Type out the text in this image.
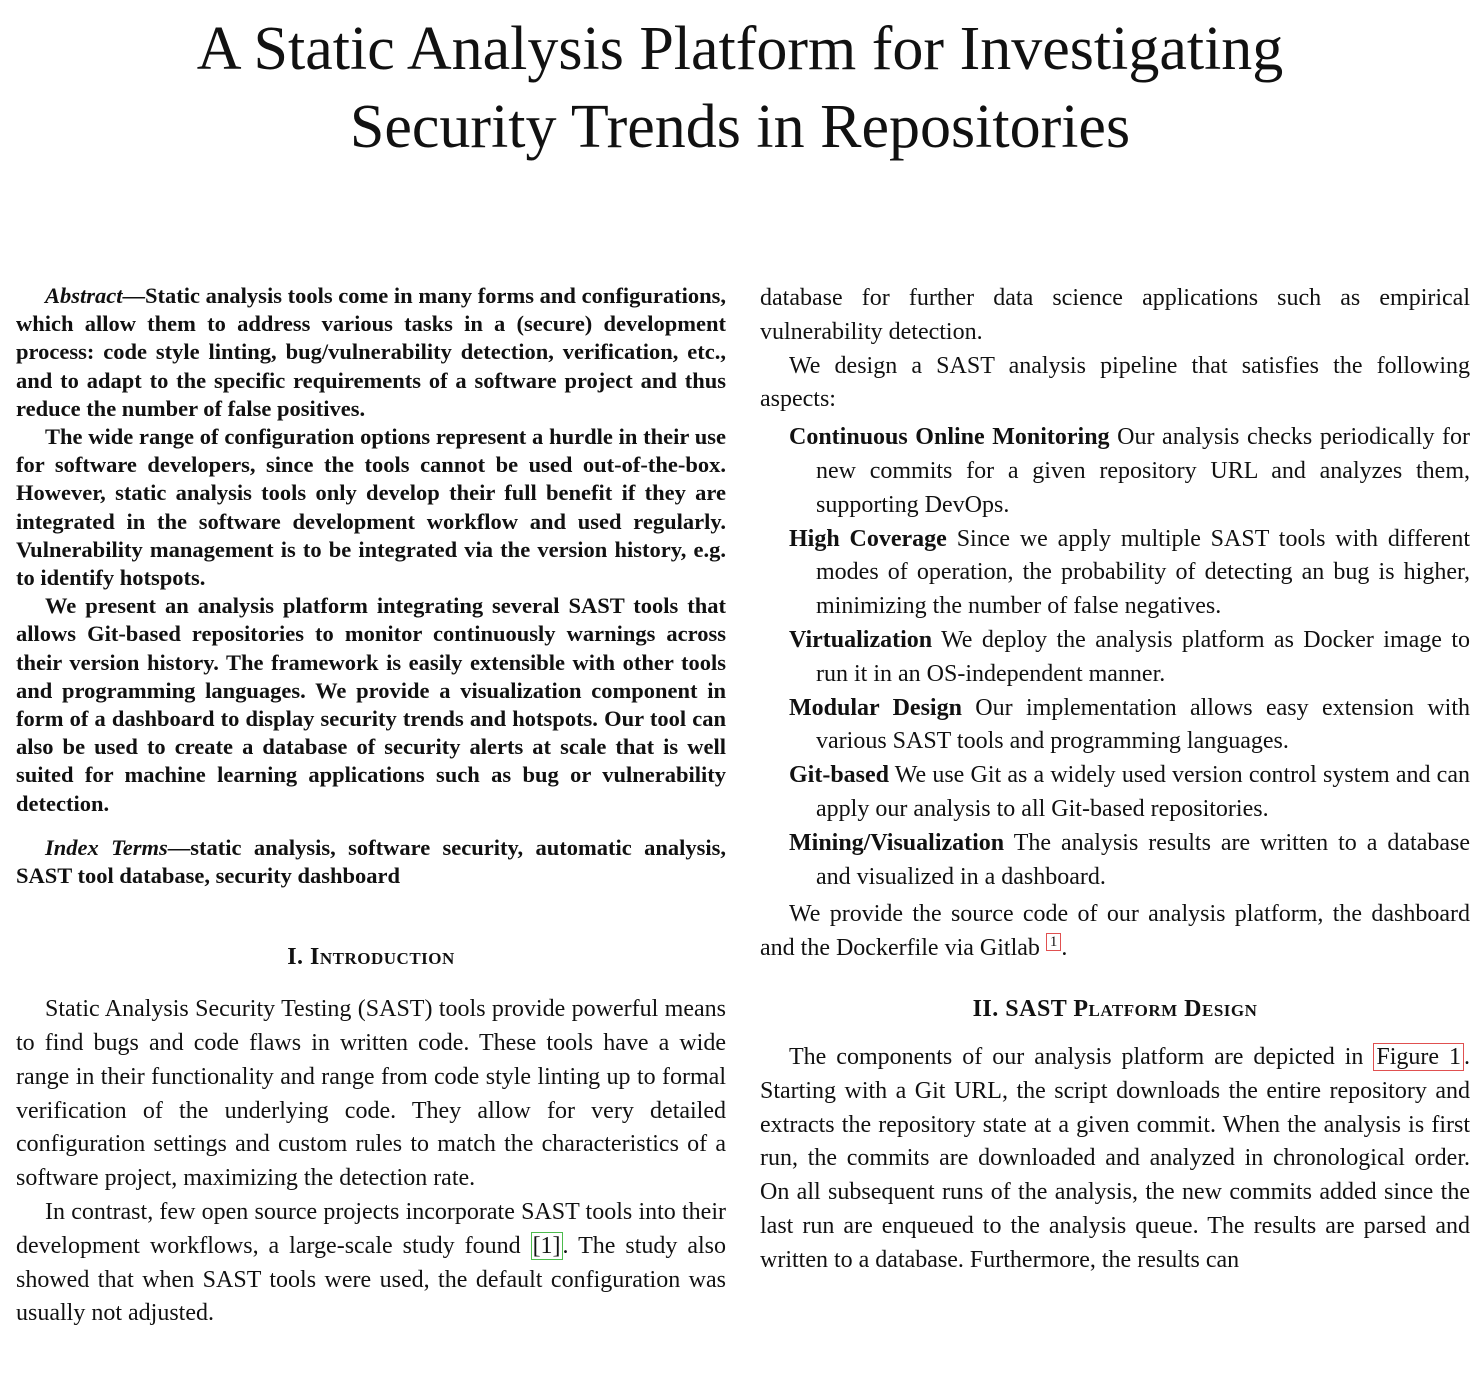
A Static Analysis Platform for Investigating
Security Trends in Repositories

Abstract—Static analysis tools come in many forms and configurations, which allow them to address various tasks in a (secure) development process: code style linting, bug/vulnerability detection, verification, etc., and to adapt to the specific requirements of a software project and thus reduce the number of false positives.

The wide range of configuration options represent a hurdle in their use for software developers, since the tools cannot be used out-of-the-box. However, static analysis tools only develop their full benefit if they are integrated in the software development workflow and used regularly. Vulnerability management is to be integrated via the version history, e.g. to identify hotspots.

We present an analysis platform integrating several SAST tools that allows Git-based repositories to monitor continuously warnings across their version history. The framework is easily extensible with other tools and programming languages. We provide a visualization component in form of a dashboard to display security trends and hotspots. Our tool can also be used to create a database of security alerts at scale that is well suited for machine learning applications such as bug or vulnerability detection.

Index Terms—static analysis, software security, automatic analysis, SAST tool database, security dashboard

I. Introduction

Static Analysis Security Testing (SAST) tools provide powerful means to find bugs and code flaws in written code. These tools have a wide range in their functionality and range from code style linting up to formal verification of the underlying code. They allow for very detailed configuration settings and custom rules to match the characteristics of a software project, maximizing the detection rate.

In contrast, few open source projects incorporate SAST tools into their development workflows, a large-scale study found [1]. The study also showed that when SAST tools were used, the default configuration was usually not adjusted.

database for further data science applications such as empirical vulnerability detection.

We design a SAST analysis pipeline that satisfies the following aspects:

Continuous Online Monitoring Our analysis checks periodically for new commits for a given repository URL and analyzes them, supporting DevOps.
High Coverage Since we apply multiple SAST tools with different modes of operation, the probability of detecting an bug is higher, minimizing the number of false negatives.
Virtualization We deploy the analysis platform as Docker image to run it in an OS-independent manner.
Modular Design Our implementation allows easy extension with various SAST tools and programming languages.
Git-based We use Git as a widely used version control system and can apply our analysis to all Git-based repositories.
Mining/Visualization The analysis results are written to a database and visualized in a dashboard.

We provide the source code of our analysis platform, the dashboard and the Dockerfile via Gitlab $^1$ .

II. SAST Platform Design

The components of our analysis platform are depicted in Figure 1 . Starting with a Git URL, the script downloads the entire repository and extracts the repository state at a given commit. When the analysis is first run, the commits are downloaded and analyzed in chronological order. On all subsequent runs of the analysis, the new commits added since the last run are enqueued to the analysis queue. The results are parsed and written to a database. Furthermore, the results can
